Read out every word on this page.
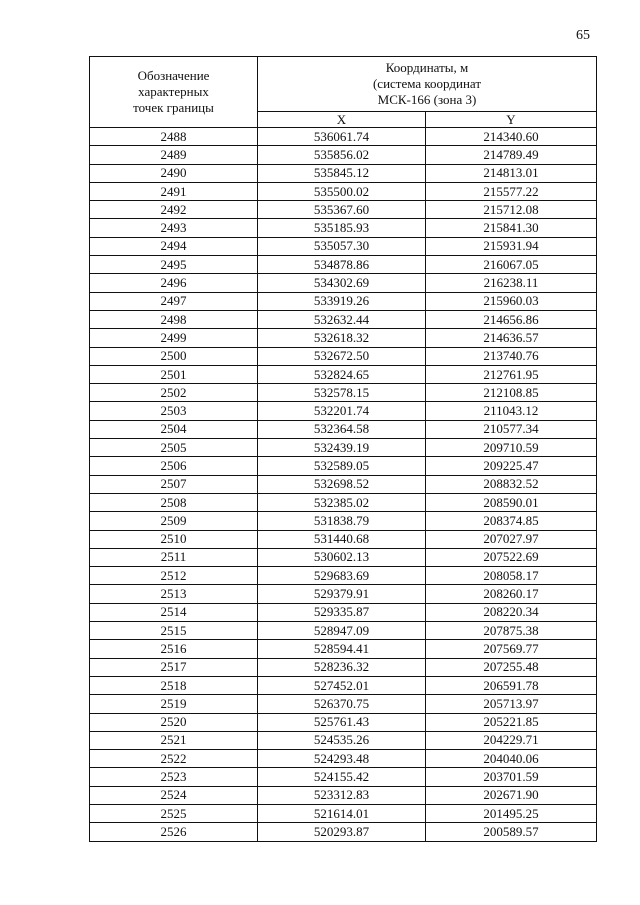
65
Обозначение
характерных
точек границы	Координаты, м
(система координат
МСК-166 (зона 3)	

	X	Y
2488	536061.74	214340.60
2489	535856.02	214789.49
2490	535845.12	214813.01
2491	535500.02	215577.22
2492	535367.60	215712.08
2493	535185.93	215841.30
2494	535057.30	215931.94
2495	534878.86	216067.05
2496	534302.69	216238.11
2497	533919.26	215960.03
2498	532632.44	214656.86
2499	532618.32	214636.57
2500	532672.50	213740.76
2501	532824.65	212761.95
2502	532578.15	212108.85
2503	532201.74	211043.12
2504	532364.58	210577.34
2505	532439.19	209710.59
2506	532589.05	209225.47
2507	532698.52	208832.52
2508	532385.02	208590.01
2509	531838.79	208374.85
2510	531440.68	207027.97
2511	530602.13	207522.69
2512	529683.69	208058.17
2513	529379.91	208260.17
2514	529335.87	208220.34
2515	528947.09	207875.38
2516	528594.41	207569.77
2517	528236.32	207255.48
2518	527452.01	206591.78
2519	526370.75	205713.97
2520	525761.43	205221.85
2521	524535.26	204229.71
2522	524293.48	204040.06
2523	524155.42	203701.59
2524	523312.83	202671.90
2525	521614.01	201495.25
2526	520293.87	200589.57
